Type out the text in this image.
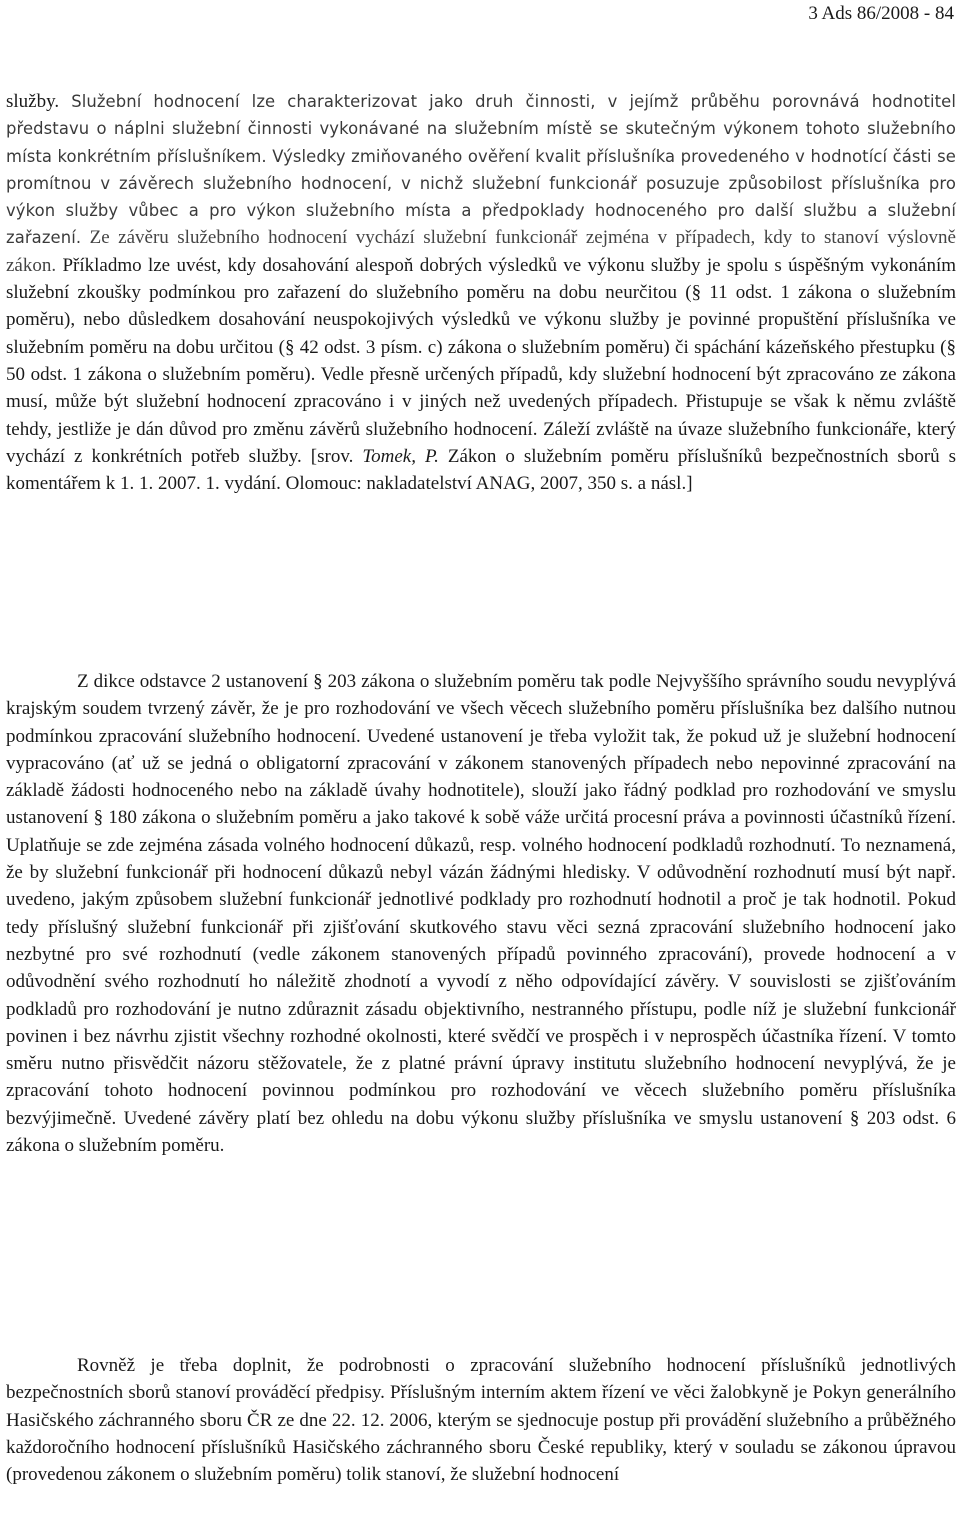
3 Ads 86/2008 - 84

služby. Služební hodnocení lze charakterizovat jako druh činnosti, v jejímž průběhu porovnává hodnotitel představu o náplni služební činnosti vykonávané na služebním místě se skutečným výkonem tohoto služebního místa konkrétním příslušníkem. Výsledky zmiňovaného ověření kvalit příslušníka provedeného v hodnotící části se promítnou v závěrech služebního hodnocení, v nichž služební funkcionář posuzuje způsobilost příslušníka pro výkon služby vůbec a pro výkon služebního místa a předpoklady hodnoceného pro další službu a služební zařazení. Ze závěru služebního hodnocení vychází služební funkcionář zejména v případech, kdy to stanoví výslovně zákon. Příkladmo lze uvést, kdy dosahování alespoň dobrých výsledků ve výkonu služby je spolu s úspěšným vykonáním služební zkoušky podmínkou pro zařazení do služebního poměru na dobu neurčitou (§ 11 odst. 1 zákona o služebním poměru), nebo důsledkem dosahování neuspokojivých výsledků ve výkonu služby je povinné propuštění příslušníka ve služebním poměru na dobu určitou (§ 42 odst. 3 písm. c) zákona o služebním poměru) či spáchání kázeňského přestupku (§ 50 odst. 1 zákona o služebním poměru). Vedle přesně určených případů, kdy služební hodnocení být zpracováno ze zákona musí, může být služební hodnocení zpracováno i v jiných než uvedených případech. Přistupuje se však k němu zvláště tehdy, jestliže je dán důvod pro změnu závěrů služebního hodnocení. Záleží zvláště na úvaze služebního funkcionáře, který vychází z konkrétních potřeb služby. [srov. Tomek, P. Zákon o služebním poměru příslušníků bezpečnostních sborů s komentářem k 1. 1. 2007. 1. vydání. Olomouc: nakladatelství ANAG, 2007, 350 s. a násl.]

Z dikce odstavce 2 ustanovení § 203 zákona o služebním poměru tak podle Nejvyššího správního soudu nevyplývá krajským soudem tvrzený závěr, že je pro rozhodování ve všech věcech služebního poměru příslušníka bez dalšího nutnou podmínkou zpracování služebního hodnocení. Uvedené ustanovení je třeba vyložit tak, že pokud už je služební hodnocení vypracováno (ať už se jedná o obligatorní zpracování v zákonem stanovených případech nebo nepovinné zpracování na základě žádosti hodnoceného nebo na základě úvahy hodnotitele), slouží jako řádný podklad pro rozhodování ve smyslu ustanovení § 180 zákona o služebním poměru a jako takové k sobě váže určitá procesní práva a povinnosti účastníků řízení. Uplatňuje se zde zejména zásada volného hodnocení důkazů, resp. volného hodnocení podkladů rozhodnutí. To neznamená, že by služební funkcionář při hodnocení důkazů nebyl vázán žádnými hledisky. V odůvodnění rozhodnutí musí být např. uvedeno, jakým způsobem služební funkcionář jednotlivé podklady pro rozhodnutí hodnotil a proč je tak hodnotil. Pokud tedy příslušný služební funkcionář při zjišťování skutkového stavu věci sezná zpracování služebního hodnocení jako nezbytné pro své rozhodnutí (vedle zákonem stanovených případů povinného zpracování), provede hodnocení a v odůvodnění svého rozhodnutí ho náležitě zhodnotí a vyvodí z něho odpovídající závěry. V souvislosti se zjišťováním podkladů pro rozhodování je nutno zdůraznit zásadu objektivního, nestranného přístupu, podle níž je služební funkcionář povinen i bez návrhu zjistit všechny rozhodné okolnosti, které svědčí ve prospěch i v neprospěch účastníka řízení. V tomto směru nutno přisvědčit názoru stěžovatele, že z platné právní úpravy institutu služebního hodnocení nevyplývá, že je zpracování tohoto hodnocení povinnou podmínkou pro rozhodování ve věcech služebního poměru příslušníka bezvýjimečně. Uvedené závěry platí bez ohledu na dobu výkonu služby příslušníka ve smyslu ustanovení § 203 odst. 6 zákona o služebním poměru.

Rovněž je třeba doplnit, že podrobnosti o zpracování služebního hodnocení příslušníků jednotlivých bezpečnostních sborů stanoví prováděcí předpisy. Příslušným interním aktem řízení ve věci žalobkyně je Pokyn generálního Hasičského záchranného sboru ČR ze dne 22. 12. 2006, kterým se sjednocuje postup při provádění služebního a průběžného každoročního hodnocení příslušníků Hasičského záchranného sboru České republiky, který v souladu se zákonou úpravou (provedenou zákonem o služebním poměru) tolik stanoví, že služební hodnocení
